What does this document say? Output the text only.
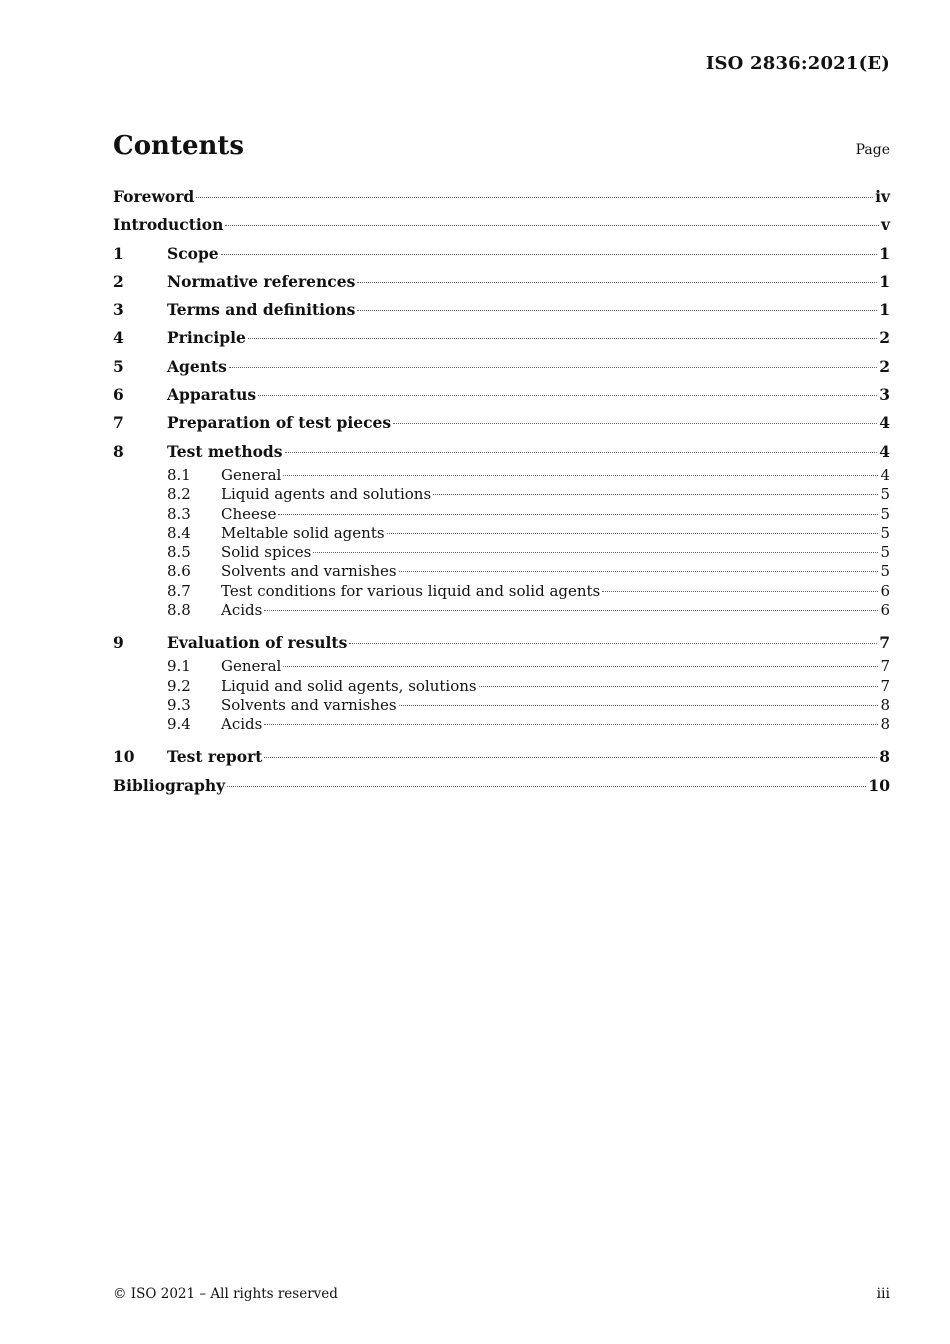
ISO 2836:2021(E)
Contents	Page
Foreword	iv
Introduction	v
1	Scope	1
2	Normative references	1
3	Terms and definitions	1
4	Principle	2
5	Agents	2
6	Apparatus	3
7	Preparation of test pieces	4
8	Test methods	4
8.1	General	4
8.2	Liquid agents and solutions	5
8.3	Cheese	5
8.4	Meltable solid agents	5
8.5	Solid spices	5
8.6	Solvents and varnishes	5
8.7	Test conditions for various liquid and solid agents	6
8.8	Acids	6
9	Evaluation of results	7
9.1	General	7
9.2	Liquid and solid agents, solutions	7
9.3	Solvents and varnishes	8
9.4	Acids	8
10	Test report	8
Bibliography	10
© ISO 2021 – All rights reserved	iii
